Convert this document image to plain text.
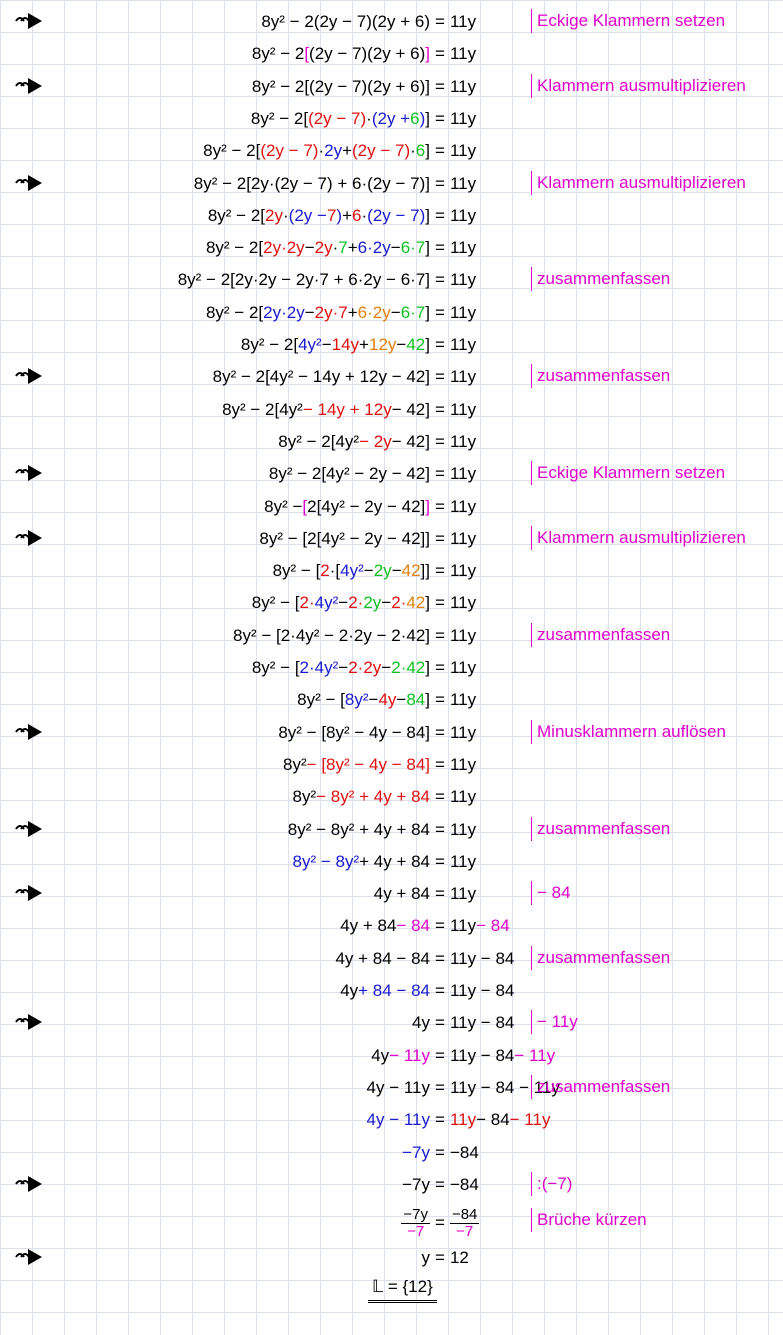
8y² − 2(2y − 7)(2y + 6) = 11y	Eckige Klammern setzen
8y² − 2 [ (2y − 7)(2y + 6) ] = 11y
8y² − 2[(2y − 7)(2y + 6)] = 11y	Klammern ausmultiplizieren
8y² − 2[ (2y − 7) · (2y + 6 ) ] = 11y
8y² − 2[ (2y − 7) · 2y + (2y − 7) · 6 ] = 11y
8y² − 2[2y·(2y − 7) + 6·(2y − 7)] = 11y	Klammern ausmultiplizieren
8y² − 2[ 2y · (2y − 7 ) + 6 · (2y − 7) ] = 11y
8y² − 2[ 2y·2y − 2y · 7 + 6·2y − 6·7 ] = 11y
8y² − 2[2y·2y − 2y·7 + 6·2y − 6·7] = 11y	zusammenfassen
8y² − 2[ 2y·2y − 2y·7 + 6·2y − 6·7 ] = 11y
8y² − 2[ 4y² − 14y + 12y − 42 ] = 11y
8y² − 2[4y² − 14y + 12y − 42] = 11y	zusammenfassen
8y² − 2[4y² − 14y + 12y − 42] = 11y
8y² − 2[4y² − 2y − 42] = 11y
8y² − 2[4y² − 2y − 42] = 11y	Eckige Klammern setzen
8y² − [ 2[4y² − 2y − 42] ] = 11y
8y² − [2[4y² − 2y − 42]] = 11y	Klammern ausmultiplizieren
8y² − [ 2 ·[ 4y² − 2y − 42 ]] = 11y
8y² − [ 2· 4y² − 2· 2y − 2· 42 ] = 11y
8y² − [2·4y² − 2·2y − 2·42] = 11y	zusammenfassen
8y² − [ 2·4y² − 2·2y − 2·42 ] = 11y
8y² − [ 8y² − 4y − 84 ] = 11y
8y² − [8y² − 4y − 84] = 11y	Minusklammern auflösen
8y² − [8y² − 4y − 84] = 11y
8y² − 8y² + 4y + 84 = 11y
8y² − 8y² + 4y + 84 = 11y	zusammenfassen
8y² − 8y² + 4y + 84 = 11y
4y + 84 = 11y	− 84
4y + 84 − 84 = 11y − 84
4y + 84 − 84 = 11y − 84	zusammenfassen
4y + 84 − 84 = 11y − 84
4y = 11y − 84	− 11y
4y − 11y = 11y − 84 − 11y
4y − 11y = 11y − 84 − 11y
zusammenfassen
4y − 11y = 11y − 84 − 11y
−7y = −84
−7y = −84	:(−7)
$\frac{-7y}{-7} = \frac{-84}{-7}$	Brüche kürzen
y = 12
𝕃 = {12}
